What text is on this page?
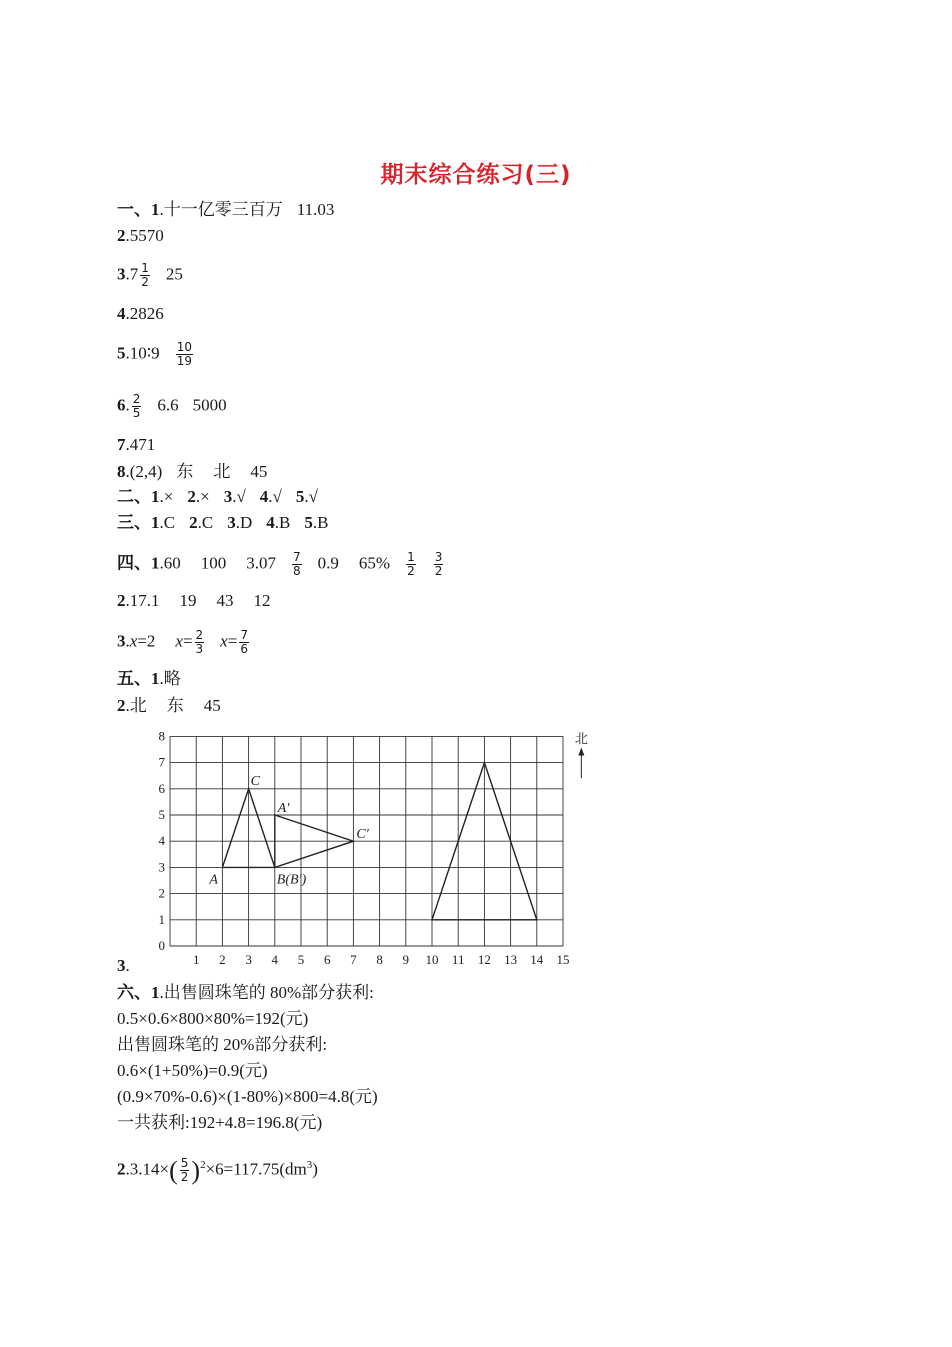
期末综合练习(三)
一、1.十一亿零三百万 11.03
2.5570
$3.7 \frac{1}{2} 25$
4.2826
5.10∶9 $\frac{10}{19}$
6. $\frac{2}{5} 6.6$ 5000
7.471
8.(2,4) 东 北 45
二、1.× 2.× 3.√ 4.√ 5.√
三、1.C 2.C 3.D 4.B 5.B
四、1.60 100 $3.07 \frac{7}{8} 0.9$ $65\% \frac{1}{2} \frac{3}{2}$
2.17.1 19 43 12
3.x=2 $x= \frac{2}{3} x= \frac{7}{6}$
五、1.略
2.北 东 45
0
1
2
3
4
5
6
7
8
1 2 3 4 5 6 7 8 9 10 11 12 13 14 15
A
C
B(B′)
A′
C′
北
3.
六、1.出售圆珠笔的 80%部分获利:
0.5×0.6×800×80%=192(元)
出售圆珠笔的 20%部分获利:
0.6×(1+50%)=0.9(元)
(0.9×70%-0.6)×(1-80%)×800=4.8(元)
一共获利:192+4.8=196.8(元)
$2.3.14\times( \frac{5}{2} )^2\times 6=117.75(dm^3)$
